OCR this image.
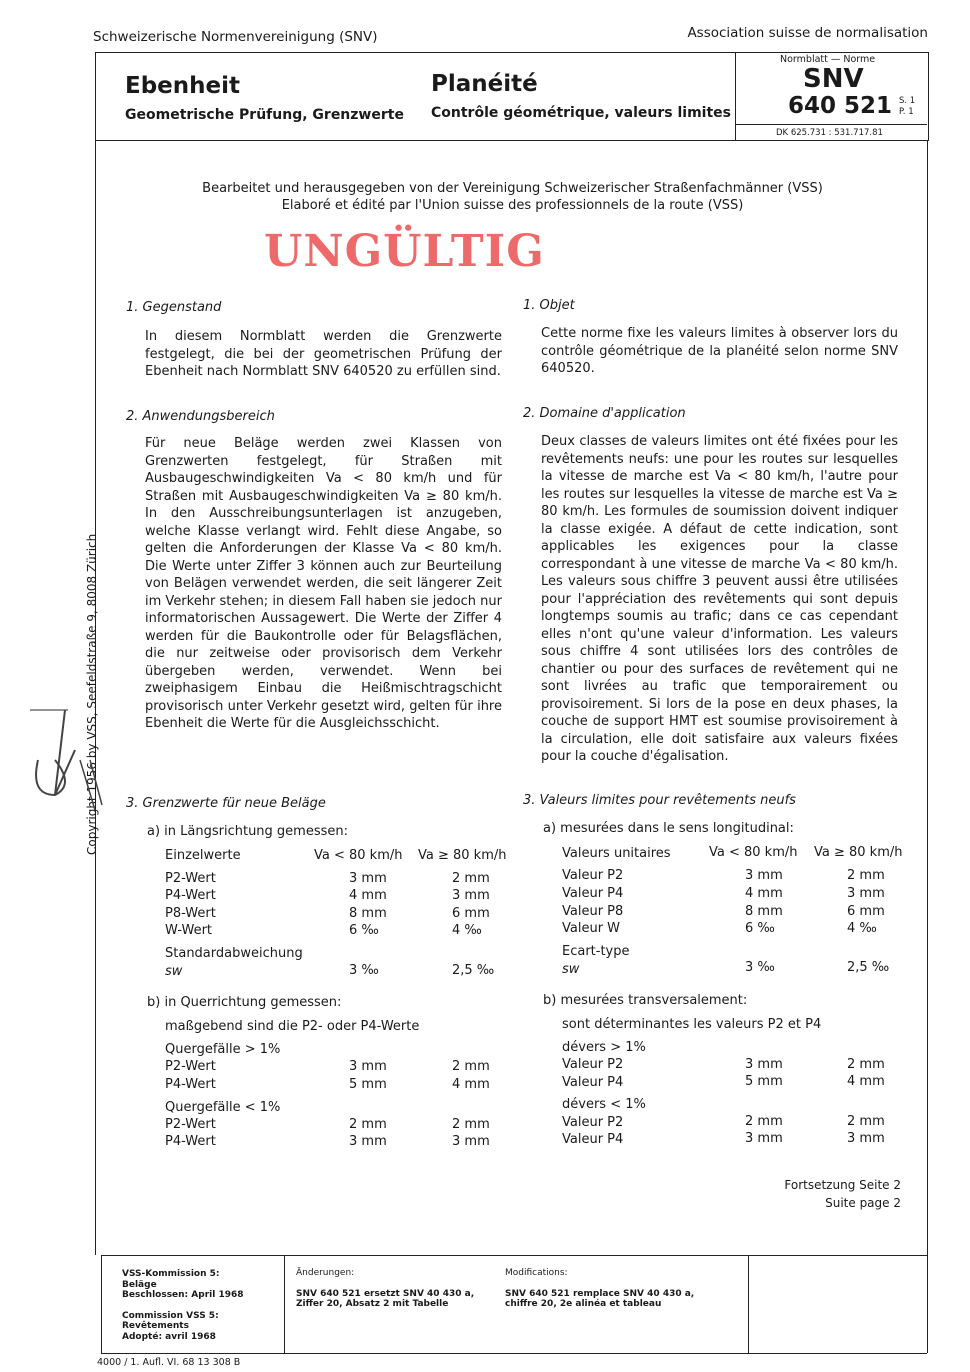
Schweizerische Normenvereinigung (SNV)	Association suisse de normalisation
Ebenheit
Geometrische Prüfung, Grenzwerte
Planéité
Contrôle géométrique, valeurs limites
Normblatt — Norme
SNV
640 521 S. 1
P. 1
DK 625.731 : 531.717.81
Bearbeitet und herausgegeben von der Vereinigung Schweizerischer Straßenfachmänner (VSS)
Elaboré et édité par l'Union suisse des professionnels de la route (VSS)
UNGÜLTIG
Copyright 1956 by VSS, Seefeldstraße 9, 8008 Zürich
1. Gegenstand
In diesem Normblatt werden die Grenzwerte festgelegt, die bei der geometrischen Prüfung der Ebenheit nach Normblatt SNV 640520 zu erfüllen sind.
2. Anwendungsbereich
Für neue Beläge werden zwei Klassen von Grenzwerten festgelegt, für Straßen mit Ausbaugeschwindigkeiten Va < 80 km/h und für Straßen mit Ausbaugeschwindigkeiten Va ≥ 80 km/h. In den Ausschreibungsunterlagen ist anzugeben, welche Klasse verlangt wird. Fehlt diese Angabe, so gelten die Anforderungen der Klasse Va < 80 km/h. Die Werte unter Ziffer 3 können auch zur Beurteilung von Belägen verwendet werden, die seit längerer Zeit im Verkehr stehen; in diesem Fall haben sie jedoch nur informatorischen Aussagewert. Die Werte der Ziffer 4 werden für die Baukontrolle oder für Belagsflächen, die nur zeitweise oder provisorisch dem Verkehr übergeben werden, verwendet. Wenn bei zweiphasigem Einbau die Heißmischtragschicht provisorisch unter Verkehr gesetzt wird, gelten für ihre Ebenheit die Werte für die Ausgleichsschicht.
3. Grenzwerte für neue Beläge
a) in Längsrichtung gemessen:
Einzelwerte	Va < 80 km/h Va ≥ 80 km/h
P2-Wert	3 mm	2 mm
P4-Wert	4 mm	3 mm
P8-Wert	8 mm	6 mm
W-Wert	6 ‰	4 ‰
Standardabweichung
sw	3 ‰	2,5 ‰
b) in Querrichtung gemessen:
maßgebend sind die P2- oder P4-Werte
Quergefälle > 1%
P2-Wert	3 mm	2 mm
P4-Wert	5 mm	4 mm
Quergefälle < 1%
P2-Wert	2 mm	2 mm
P4-Wert	3 mm	3 mm
1. Objet
Cette norme fixe les valeurs limites à observer lors du contrôle géométrique de la planéité selon norme SNV 640520.
2. Domaine d'application
Deux classes de valeurs limites ont été fixées pour les revêtements neufs: une pour les routes sur lesquelles la vitesse de marche est Va < 80 km/h, l'autre pour les routes sur lesquelles la vitesse de marche est Va ≥ 80 km/h. Les formules de soumission doivent indiquer la classe exigée. A défaut de cette indication, sont applicables les exigences pour la classe correspondant à une vitesse de marche Va < 80 km/h. Les valeurs sous chiffre 3 peuvent aussi être utilisées pour l'appréciation des revêtements qui sont depuis longtemps soumis au trafic; dans ce cas cependant elles n'ont qu'une valeur d'information. Les valeurs sous chiffre 4 sont utilisées lors des contrôles de chantier ou pour des surfaces de revêtement qui ne sont livrées au trafic que temporairement ou provisoirement. Si lors de la pose en deux phases, la couche de support HMT est soumise provisoirement à la circulation, elle doit satisfaire aux valeurs fixées pour la couche d'égalisation.
3. Valeurs limites pour revêtements neufs
a) mesurées dans le sens longitudinal:
Valeurs unitaires	Va < 80 km/h Va ≥ 80 km/h
Valeur P2	3 mm	2 mm
Valeur P4	4 mm	3 mm
Valeur P8	8 mm	6 mm
Valeur W	6 ‰	4 ‰
Ecart-type
sw	3 ‰	2,5 ‰
b) mesurées transversalement:
sont déterminantes les valeurs P2 et P4
dévers > 1%
Valeur P2	3 mm	2 mm
Valeur P4	5 mm	4 mm
dévers < 1%
Valeur P2	2 mm	2 mm
Valeur P4	3 mm	3 mm
Fortsetzung Seite 2
Suite page 2
VSS-Kommission 5:
Beläge
Beschlossen: April 1968
Commission VSS 5:
Revêtements
Adopté: avril 1968
Änderungen:
SNV 640 521 ersetzt SNV 40 430 a,
Ziffer 20, Absatz 2 mit Tabelle
Modifications:
SNV 640 521 remplace SNV 40 430 a,
chiffre 20, 2e alinéa et tableau
4000 / 1. Aufl. VI. 68 13 308 B
